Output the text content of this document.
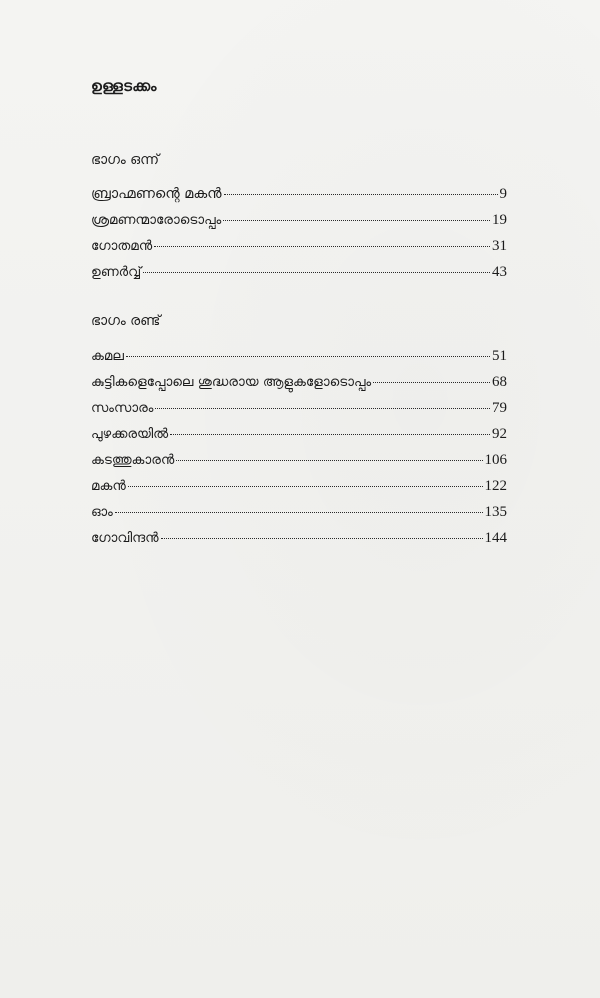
ഉള്ളടക്കം
ഭാഗം ഒന്ന്
ബ്രാഹ്മണന്റെ മകൻ	9
ശ്രമണന്മാരോടൊപ്പം	19
ഗോതമൻ	31
ഉണർവ്വ്	43
ഭാഗം രണ്ട്
കമല	51
കുട്ടികളെപ്പോലെ ശുദ്ധരായ ആളുകളോടൊപ്പം	68
സംസാരം	79
പുഴക്കരയിൽ	92
കടത്തുകാരൻ	106
മകൻ	122
ഓം	135
ഗോവിന്ദൻ	144
